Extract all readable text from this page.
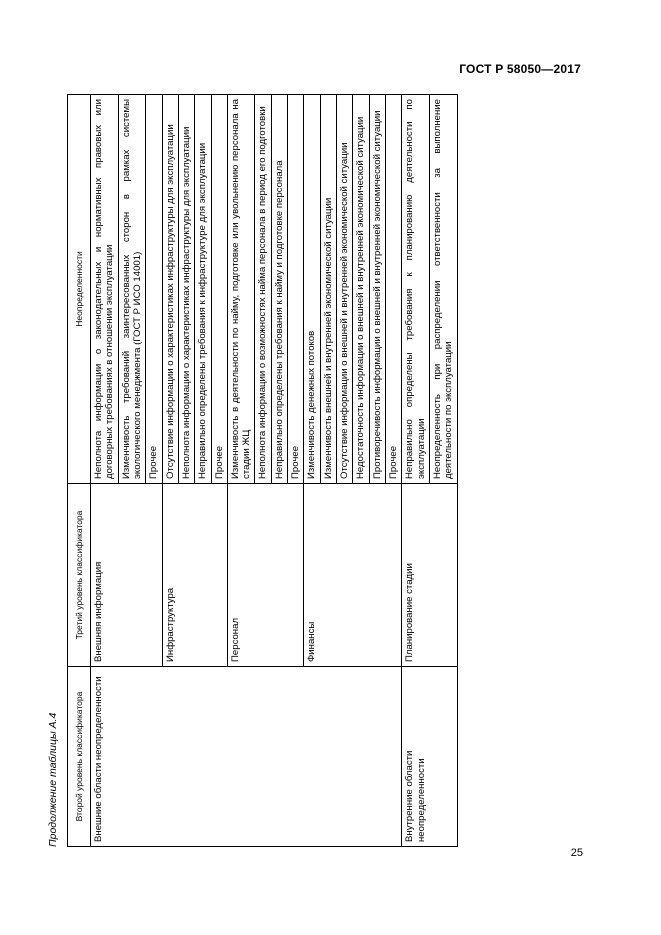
ГОСТ Р 58050—2017
Продолжение таблицы А.4	Второй уровень классификатора	Третий уровень классификатора	Неопределенности
Внешние области неопределенности	Внешняя информация	Неполнота информации о законодательных и нормативных правовых или договорных требованиях в отношении эксплуатации
		Изменчивость требований заинтересованных сторон в рамках системы экологического менеджмента (ГОСТ Р ИСО 14001)
		Прочее
	Инфраструктура	Отсутствие информации о характеристиках инфраструктуры для эксплуатации
		Неполнота информации о характеристиках инфраструктуры для эксплуатации
		Неправильно определены требования к инфраструктуре для эксплуатации
		Прочее
	Персонал	Изменчивость в деятельности по найму, подготовке или увольнению персонала на стадии ЖЦ
		Неполнота информации о возможностях найма персонала в период его подготовки
		Неправильно определены требования к найму и подготовке персонала
		Прочее
	Финансы	Изменчивость денежных потоков
		Изменчивость внешней и внутренней экономической ситуации
		Отсутствие информации о внешней и внутренней экономической ситуации
		Недостаточность информации о внешней и внутренней экономической ситуации
		Противоречивость информации о внешней и внутренней экономической ситуации
		Прочее
Внутренние области неопределенности	Планирование стадии	Неправильно определены требования к планированию деятельности по эксплуатации
		Неопределенность при распределении ответственности за выполнение деятельности по эксплуатации
25
